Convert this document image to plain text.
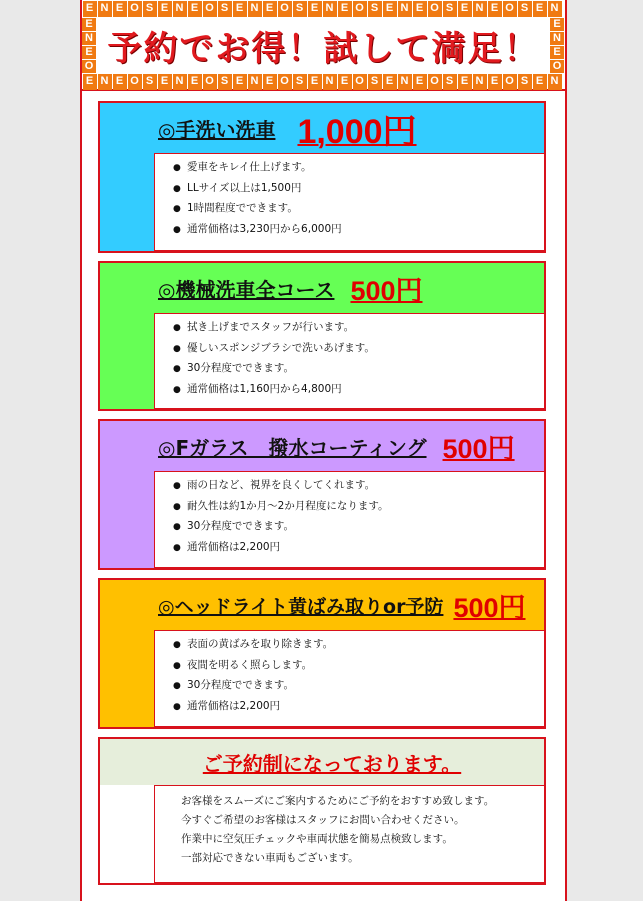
E N E O S E N E O S E N E O S E N E O S E N E O S E N E O S E N
E
N
E
O
E
N
E
O
E N E O S E N E O S E N E O S E N E O S E N E O S E N E O S E N
予約でお得！試して満足！
◎手洗い洗車 1,000円
● 愛車をキレイ仕上げます。
● LLサイズ以上は1,500円
● 1時間程度でできます。
● 通常価格は3,230円から6,000円
◎機械洗車全コース 500円
● 拭き上げまでスタッフが行います。
● 優しいスポンジブラシで洗いあげます。
● 30分程度でできます。
● 通常価格は1,160円から4,800円
◎Fガラス　撥水コーティング 500円
● 雨の日など、視界を良くしてくれます。
● 耐久性は約1か月〜2か月程度になります。
● 30分程度でできます。
● 通常価格は2,200円
◎ヘッドライト黄ばみ取りor予防 500円
● 表面の黄ばみを取り除きます。
● 夜間を明るく照らします。
● 30分程度でできます。
● 通常価格は2,200円
ご予約制になっております。

お客様をスムーズにご案内するためにご予約をおすすめ致します。

今すぐご希望のお客様はスタッフにお問い合わせください。

作業中に空気圧チェックや車両状態を簡易点検致します。

一部対応できない車両もございます。
